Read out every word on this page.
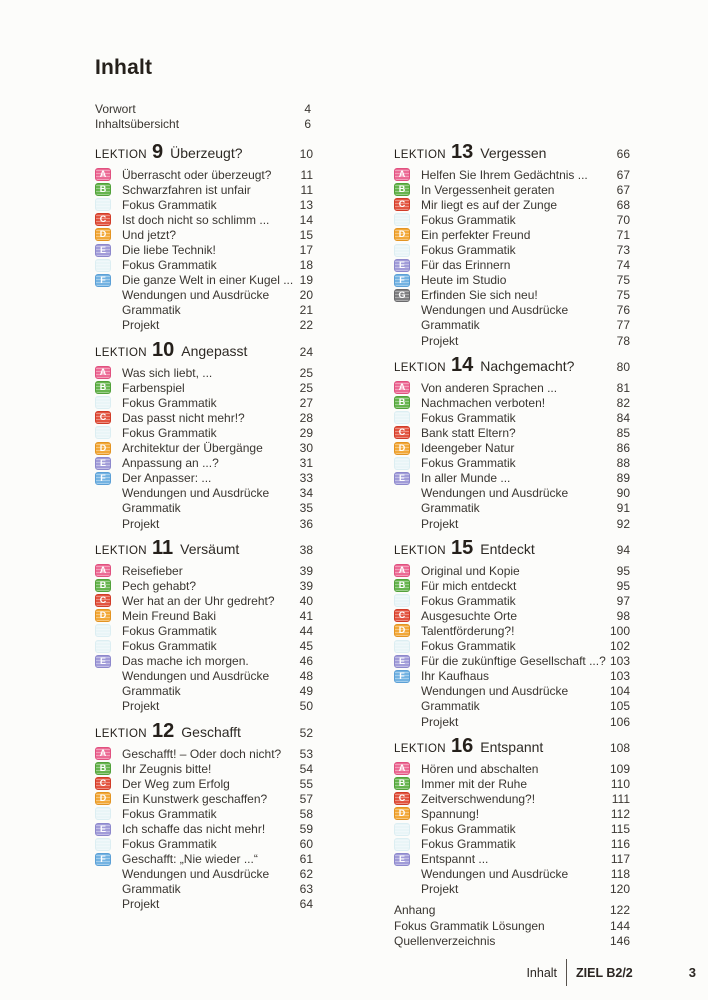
Inhalt
Vorwort	4
Inhaltsübersicht	6
LEKTION 9 Überzeugt?	10
A	Überrascht oder überzeugt?	11
B	Schwarzfahren ist unfair	11
Fokus Grammatik	13
C	Ist doch nicht so schlimm ...	14
D	Und jetzt?	15
E	Die liebe Technik!	17
Fokus Grammatik	18
F	Die ganze Welt in einer Kugel ... 19
Wendungen und Ausdrücke	20
Grammatik	21
Projekt	22
LEKTION 10 Angepasst	24
A	Was sich liebt, ...	25
B	Farbenspiel	25
Fokus Grammatik	27
C	Das passt nicht mehr!?	28
Fokus Grammatik	29
D	Architektur der Übergänge	30
E	Anpassung an ...?	31
F	Der Anpasser: ...	33
Wendungen und Ausdrücke	34
Grammatik	35
Projekt	36
LEKTION 11 Versäumt	38
A	Reisefieber	39
B	Pech gehabt?	39
C	Wer hat an der Uhr gedreht?	40
D	Mein Freund Baki	41
Fokus Grammatik	44
Fokus Grammatik	45
E	Das mache ich morgen.	46
Wendungen und Ausdrücke	48
Grammatik	49
Projekt	50
LEKTION 12 Geschafft	52
A	Geschafft! – Oder doch nicht?	53
B	Ihr Zeugnis bitte!	54
C	Der Weg zum Erfolg	55
D	Ein Kunstwerk geschaffen?	57
Fokus Grammatik	58
E	Ich schaffe das nicht mehr!	59
Fokus Grammatik	60
F	Geschafft: „Nie wieder ...“	61
Wendungen und Ausdrücke	62
Grammatik	63
Projekt	64
LEKTION 13 Vergessen	66
A	Helfen Sie Ihrem Gedächtnis ...	67
B	In Vergessenheit geraten	67
C	Mir liegt es auf der Zunge	68
Fokus Grammatik	70
D	Ein perfekter Freund	71
Fokus Grammatik	73
E	Für das Erinnern	74
F	Heute im Studio	75
G	Erfinden Sie sich neu!	75
Wendungen und Ausdrücke	76
Grammatik	77
Projekt	78
LEKTION 14 Nachgemacht?	80
A	Von anderen Sprachen ...	81
B	Nachmachen verboten!	82
Fokus Grammatik	84
C	Bank statt Eltern?	85
D	Ideengeber Natur	86
Fokus Grammatik	88
E	In aller Munde ...	89
Wendungen und Ausdrücke	90
Grammatik	91
Projekt	92
LEKTION 15 Entdeckt	94
A	Original und Kopie	95
B	Für mich entdeckt	95
Fokus Grammatik	97
C	Ausgesuchte Orte	98
D	Talentförderung?!	100
Fokus Grammatik	102
E	Für die zukünftige Gesellschaft ...? 103
F	Ihr Kaufhaus	103
Wendungen und Ausdrücke	104
Grammatik	105
Projekt	106
LEKTION 16 Entspannt	108
A	Hören und abschalten	109
B	Immer mit der Ruhe	110
C	Zeitverschwendung?!	111
D	Spannung!	112
Fokus Grammatik	115
Fokus Grammatik	116
E	Entspannt ...	117
Wendungen und Ausdrücke	118
Projekt	120
Anhang	122
Fokus Grammatik Lösungen	144
Quellenverzeichnis	146
Inhalt ZIEL B2/2	3
